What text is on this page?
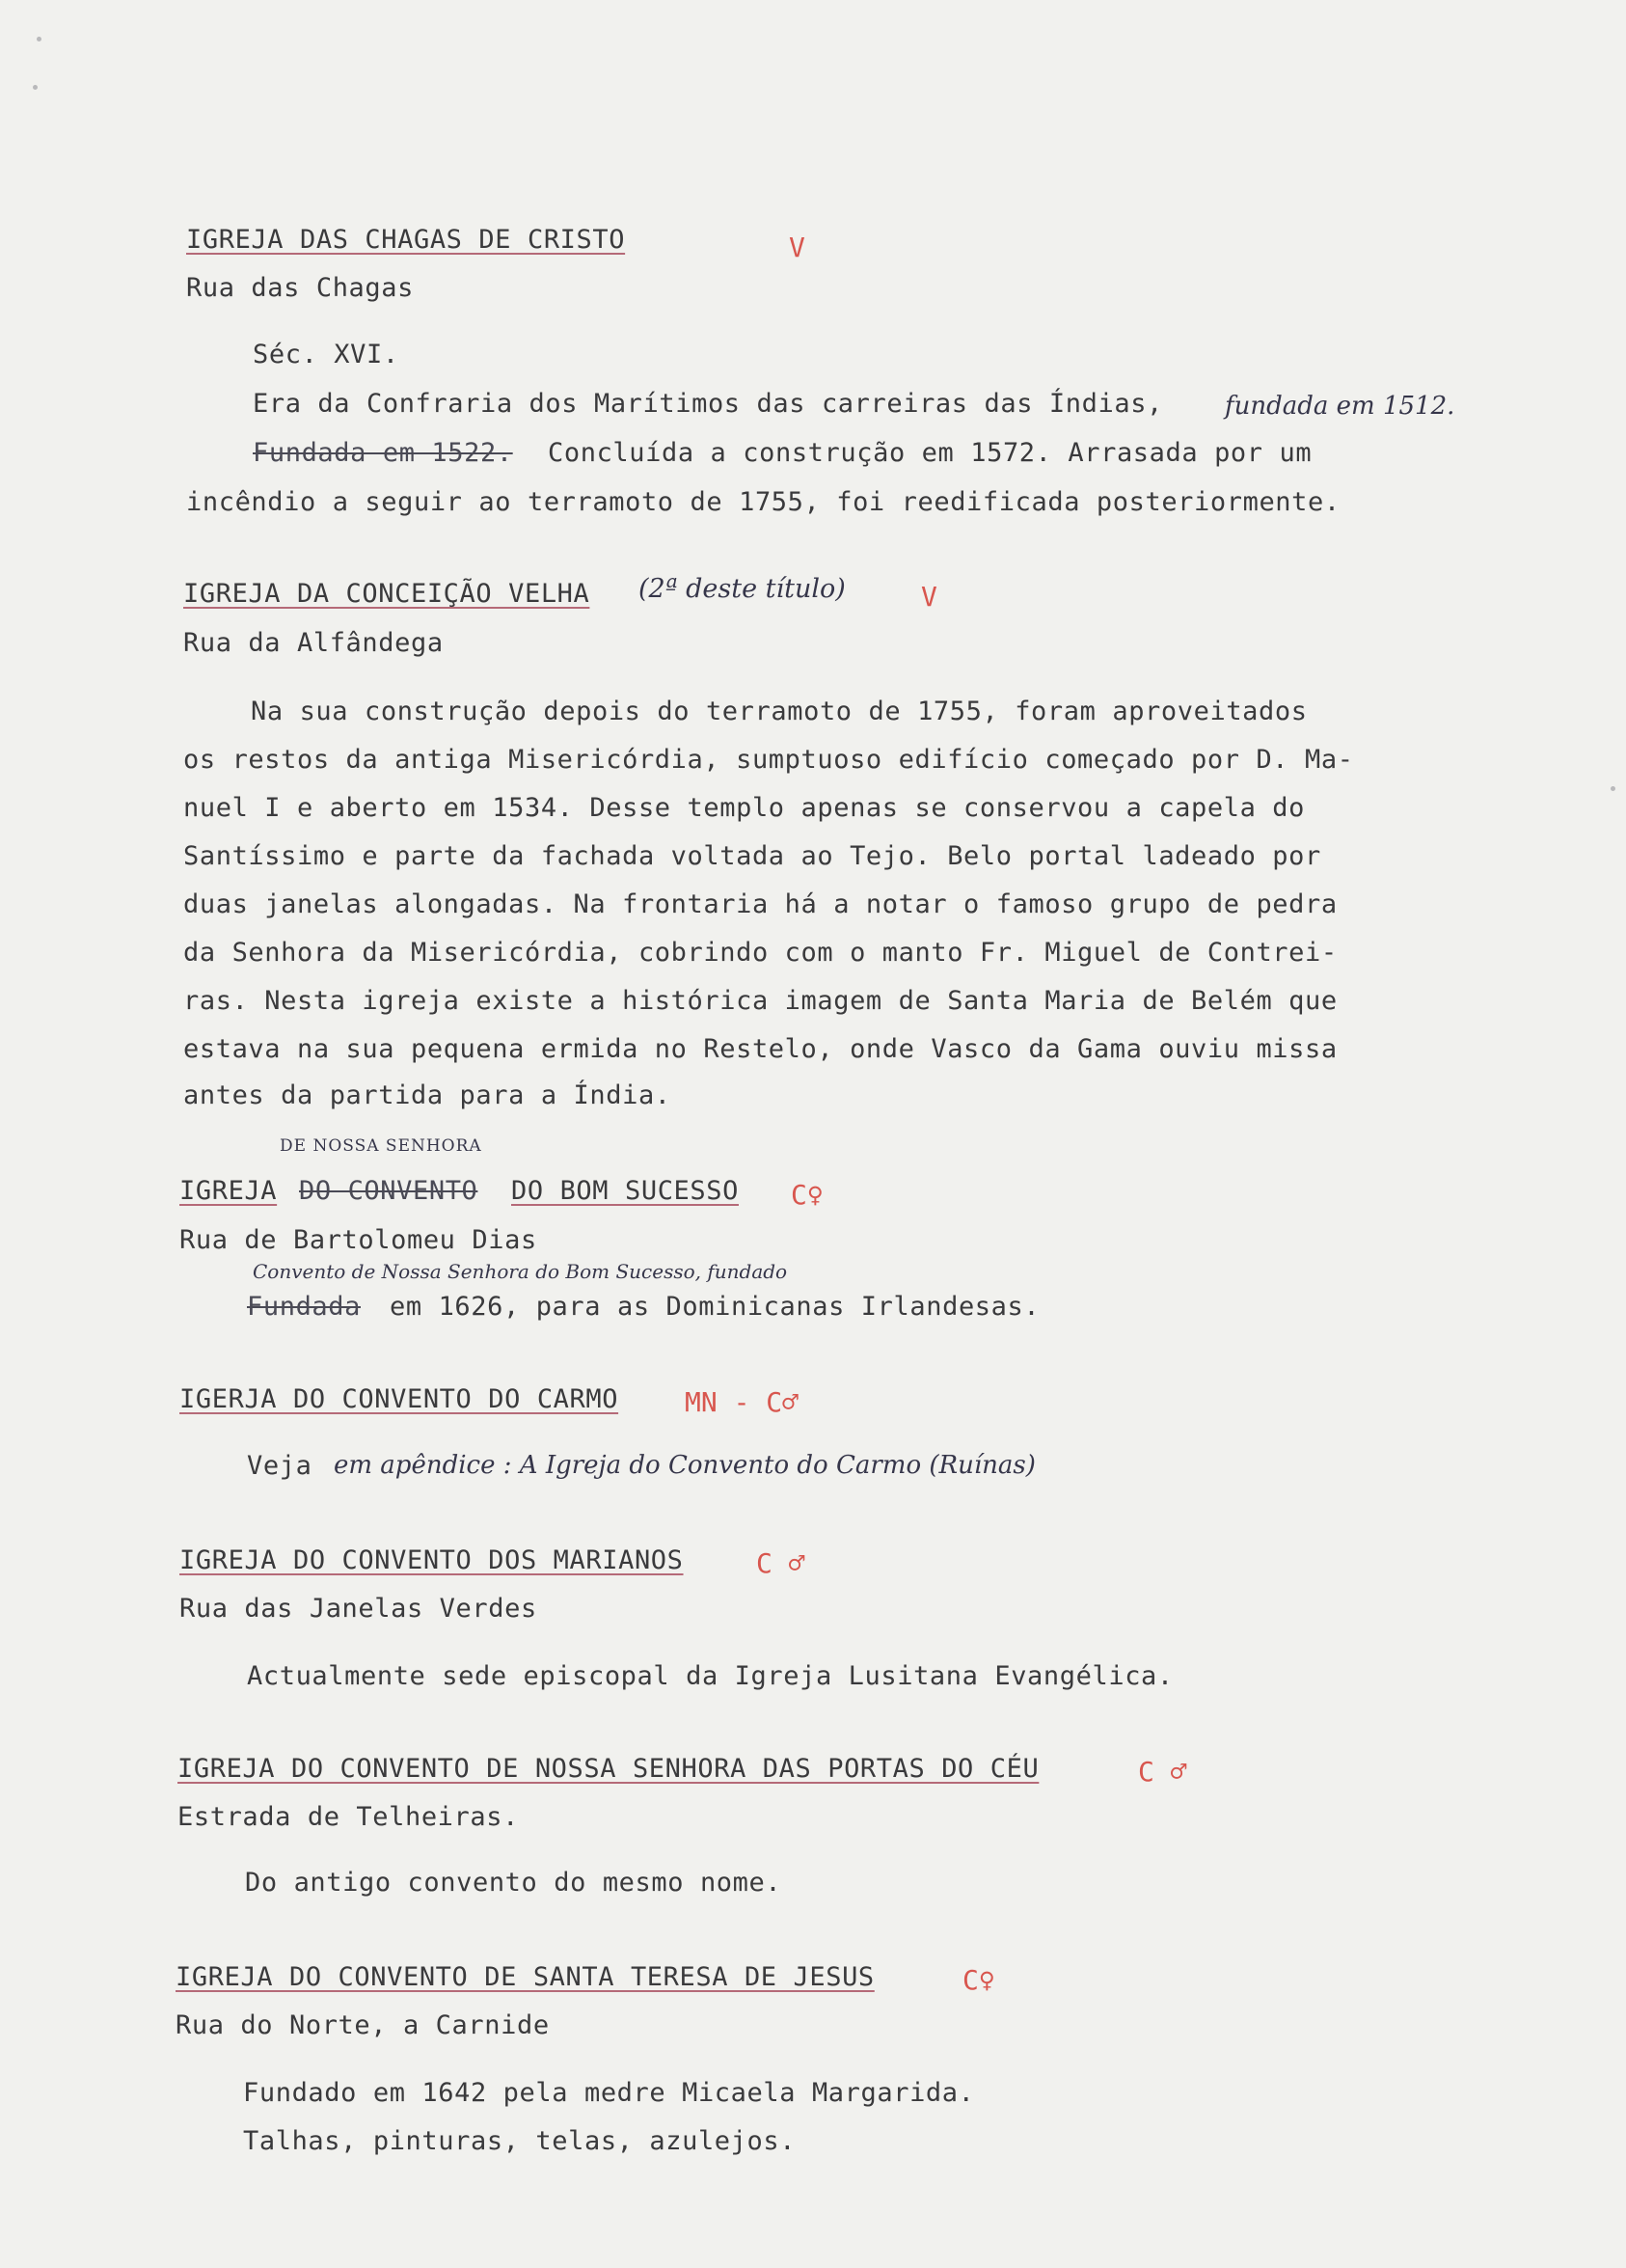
IGREJA DAS CHAGAS DE CRISTO	V
Rua das Chagas
Séc. XVI.
Era da Confraria dos Marítimos das carreiras das Índias, fundada em 1512.
Fundada em 1522. Concluída a construção em 1572. Arrasada por um
incêndio a seguir ao terramoto de 1755, foi reedificada posteriormente.
IGREJA DA CONCEIÇÃO VELHA (2ª deste título)	V
Rua da Alfândega
Na sua construção depois do terramoto de 1755, foram aproveitados
os restos da antiga Misericórdia, sumptuoso edifício começado por D. Ma-
nuel I e aberto em 1534. Desse templo apenas se conservou a capela do
Santíssimo e parte da fachada voltada ao Tejo. Belo portal ladeado por
duas janelas alongadas. Na frontaria há a notar o famoso grupo de pedra
da Senhora da Misericórdia, cobrindo com o manto Fr. Miguel de Contrei-
ras. Nesta igreja existe a histórica imagem de Santa Maria de Belém que
estava na sua pequena ermida no Restelo, onde Vasco da Gama ouviu missa
antes da partida para a Índia.
DE NOSSA SENHORA
IGREJA DO CONVENTO DO BOM SUCESSO C♀
Rua de Bartolomeu Dias
Convento de Nossa Senhora do Bom Sucesso, fundado
Fundada em 1626, para as Dominicanas Irlandesas.
IGERJA DO CONVENTO DO CARMO MN - C♂
Veja em apêndice : A Igreja do Convento do Carmo (Ruínas)
IGREJA DO CONVENTO DOS MARIANOS	C ♂
Rua das Janelas Verdes
Actualmente sede episcopal da Igreja Lusitana Evangélica.
IGREJA DO CONVENTO DE NOSSA SENHORA DAS PORTAS DO CÉU	C ♂
Estrada de Telheiras.
Do antigo convento do mesmo nome.
IGREJA DO CONVENTO DE SANTA TERESA DE JESUS	C♀
Rua do Norte, a Carnide
Fundado em 1642 pela medre Micaela Margarida.
Talhas, pinturas, telas, azulejos.
